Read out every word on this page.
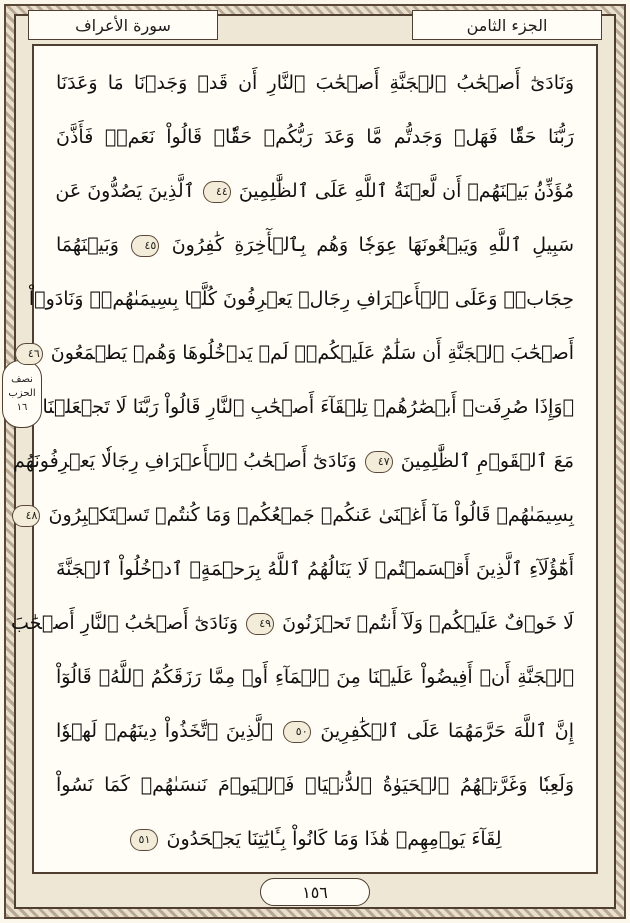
الجزء الثامن
سورة الأعراف
نصف
الحزب
١٦
وَنَادَىٰٓ أَصۡحَٰبُ ٱلۡجَنَّةِ أَصۡحَٰبَ ٱلنَّارِ أَن قَدۡ وَجَدۡنَا مَا وَعَدَنَا
رَبُّنَا حَقّٗا فَهَلۡ وَجَدتُّم مَّا وَعَدَ رَبُّكُمۡ حَقّٗاۖ قَالُواْ نَعَمۡۚ فَأَذَّنَ
مُؤَذِّنُۢ بَيۡنَهُمۡ أَن لَّعۡنَةُ ٱللَّهِ عَلَى ٱلظَّٰلِمِينَ ٤٤ ٱلَّذِينَ يَصُدُّونَ عَن
سَبِيلِ ٱللَّهِ وَيَبۡغُونَهَا عِوَجٗا وَهُم بِٱلۡأٓخِرَةِ كَٰفِرُونَ ٤٥ وَبَيۡنَهُمَا
حِجَابٞۚ وَعَلَى ٱلۡأَعۡرَافِ رِجَالٞ يَعۡرِفُونَ كُلَّۢا بِسِيمَىٰهُمۡۚ وَنَادَوۡاْ
أَصۡحَٰبَ ٱلۡجَنَّةِ أَن سَلَٰمٌ عَلَيۡكُمۡۚ لَمۡ يَدۡخُلُوهَا وَهُمۡ يَطۡمَعُونَ ٤٦
۞وَإِذَا صُرِفَتۡ أَبۡصَٰرُهُمۡ تِلۡقَآءَ أَصۡحَٰبِ ٱلنَّارِ قَالُواْ رَبَّنَا لَا تَجۡعَلۡنَا
مَعَ ٱلۡقَوۡمِ ٱلظَّٰلِمِينَ ٤٧ وَنَادَىٰٓ أَصۡحَٰبُ ٱلۡأَعۡرَافِ رِجَالٗا يَعۡرِفُونَهُم
بِسِيمَىٰهُمۡ قَالُواْ مَآ أَغۡنَىٰ عَنكُمۡ جَمۡعُكُمۡ وَمَا كُنتُمۡ تَسۡتَكۡبِرُونَ ٤٨
أَهَٰٓؤُلَآءِ ٱلَّذِينَ أَقۡسَمۡتُمۡ لَا يَنَالُهُمُ ٱللَّهُ بِرَحۡمَةٍۚ ٱدۡخُلُواْ ٱلۡجَنَّةَ
لَا خَوۡفٌ عَلَيۡكُمۡ وَلَآ أَنتُمۡ تَحۡزَنُونَ ٤٩ وَنَادَىٰٓ أَصۡحَٰبُ ٱلنَّارِ أَصۡحَٰبَ
ٱلۡجَنَّةِ أَنۡ أَفِيضُواْ عَلَيۡنَا مِنَ ٱلۡمَآءِ أَوۡ مِمَّا رَزَقَكُمُ ٱللَّهُۚ قَالُوٓاْ
إِنَّ ٱللَّهَ حَرَّمَهُمَا عَلَى ٱلۡكَٰفِرِينَ ٥٠ ٱلَّذِينَ ٱتَّخَذُواْ دِينَهُمۡ لَهۡوٗا
وَلَعِبٗا وَغَرَّتۡهُمُ ٱلۡحَيَوٰةُ ٱلدُّنۡيَاۚ فَٱلۡيَوۡمَ نَنسَىٰهُمۡ كَمَا نَسُواْ
لِقَآءَ يَوۡمِهِمۡ هَٰذَا وَمَا كَانُواْ بِـَٔايَٰتِنَا يَجۡحَدُونَ ٥١
١٥٦
